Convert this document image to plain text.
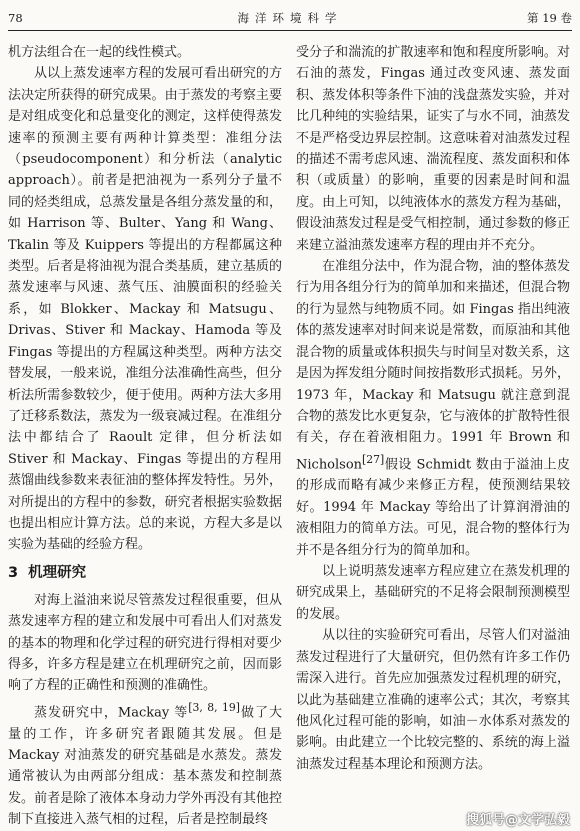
78	海洋环境科学	第 19 卷

机方法组合在一起的线性模式。

从以上蒸发速率方程的发展可看出研究的方法决定所获得的研究成果。由于蒸发的考察主要是对组成变化和总量变化的测定，这样使得蒸发速率的预测主要有两种计算类型：准组分法（pseudocomponent）和分析法（analytic approach）。前者是把油视为一系列分子量不同的烃类组成，总蒸发量是各组分蒸发量的和，如 Harrison 等、Bulter、Yang 和 Wang、Tkalin 等及 Kuippers 等提出的方程都属这种类型。后者是将油视为混合类基质，建立基质的蒸发速率与风速、蒸气压、油膜面积的经验关系，如 Blokker、Mackay 和 Matsugu、Drivas、Stiver 和 Mackay、Hamoda 等及 Fingas 等提出的方程属这种类型。两种方法交替发展，一般来说，准组分法准确性高些，但分析法所需参数较少，便于使用。两种方法大多用了迁移系数法，蒸发为一级衰减过程。在准组分法中都结合了 Raoult 定律，但分析法如 Stiver 和 Mackay、Fingas 等提出的方程用蒸馏曲线参数来表征油的整体挥发特性。另外，对所提出的方程中的参数，研究者根据实验数据也提出相应计算方法。总的来说，方程大多是以实验为基础的经验方程。

3 机理研究

对海上溢油来说尽管蒸发过程很重要，但从蒸发速率方程的建立和发展中可看出人们对蒸发的基本的物理和化学过程的研究进行得相对要少得多，许多方程是建立在机理研究之前，因而影响了方程的正确性和预测的准确性。

蒸发研究中，Mackay 等[3, 8, 19]做了大量的工作，许多研究者跟随其发展。但是 Mackay 对油蒸发的研究基础是水蒸发。蒸发通常被认为由两部分组成：基本蒸发和控制蒸发。前者是除了液体本身动力学外再没有其他控制下直接进入蒸气相的过程，后者是控制最终

受分子和湍流的扩散速率和饱和程度所影响。对石油的蒸发，Fingas 通过改变风速、蒸发面积、蒸发体积等条件下油的浅盘蒸发实验，并对比几种纯的实验结果，证实了与水不同，油蒸发不是严格受边界层控制。这意味着对油蒸发过程的描述不需考虑风速、湍流程度、蒸发面积和体积（或质量）的影响，重要的因素是时间和温度。由上可知，以纯液体水的蒸发方程为基础，假设油蒸发过程是受气相控制，通过参数的修正来建立溢油蒸发速率方程的理由并不充分。

在准组分法中，作为混合物，油的整体蒸发行为用各组分行为的简单加和来描述，但混合物的行为显然与纯物质不同。如 Fingas 指出纯液体的蒸发速率对时间来说是常数，而原油和其他混合物的质量或体积损失与时间呈对数关系，这是因为挥发组分随时间按指数形式损耗。另外，1973 年，Mackay 和 Matsugu 就注意到混合物的蒸发比水更复杂，它与液体的扩散特性很有关，存在着液相阻力。1991 年 Brown 和 Nicholson[27]假设 Schmidt 数由于溢油上皮的形成而略有减少来修正方程，使预测结果较好。1994 年 Mackay 等给出了计算润滑油的液相阻力的简单方法。可见，混合物的整体行为并不是各组分行为的简单加和。

以上说明蒸发速率方程应建立在蒸发机理的研究成果上，基础研究的不足将会限制预测模型的发展。

从以往的实验研究可看出，尽管人们对溢油蒸发过程进行了大量研究，但仍然有许多工作仍需深入进行。首先应加强蒸发过程机理的研究，以此为基础建立准确的速率公式；其次，考察其他风化过程可能的影响，如油－水体系对蒸发的影响。由此建立一个比较完整的、系统的海上溢油蒸发过程基本理论和预测方法。

搜狐号@文学弘毅
